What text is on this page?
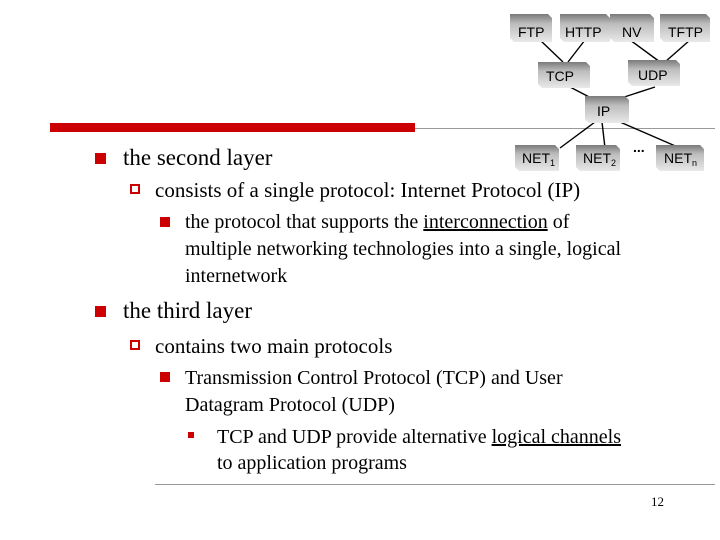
FTP HTTP NV TFTP
TCP	UDP
IP
$NET_1$ $NET_2$
...
$NET_n$
the second layer
consists of a single protocol: Internet Protocol (IP)
the protocol that supports the interconnection of
multiple networking technologies into a single, logical
internetwork
the third layer
contains two main protocols
Transmission Control Protocol (TCP) and User
Datagram Protocol (UDP)
TCP and UDP provide alternative logical channels
to application programs
12
